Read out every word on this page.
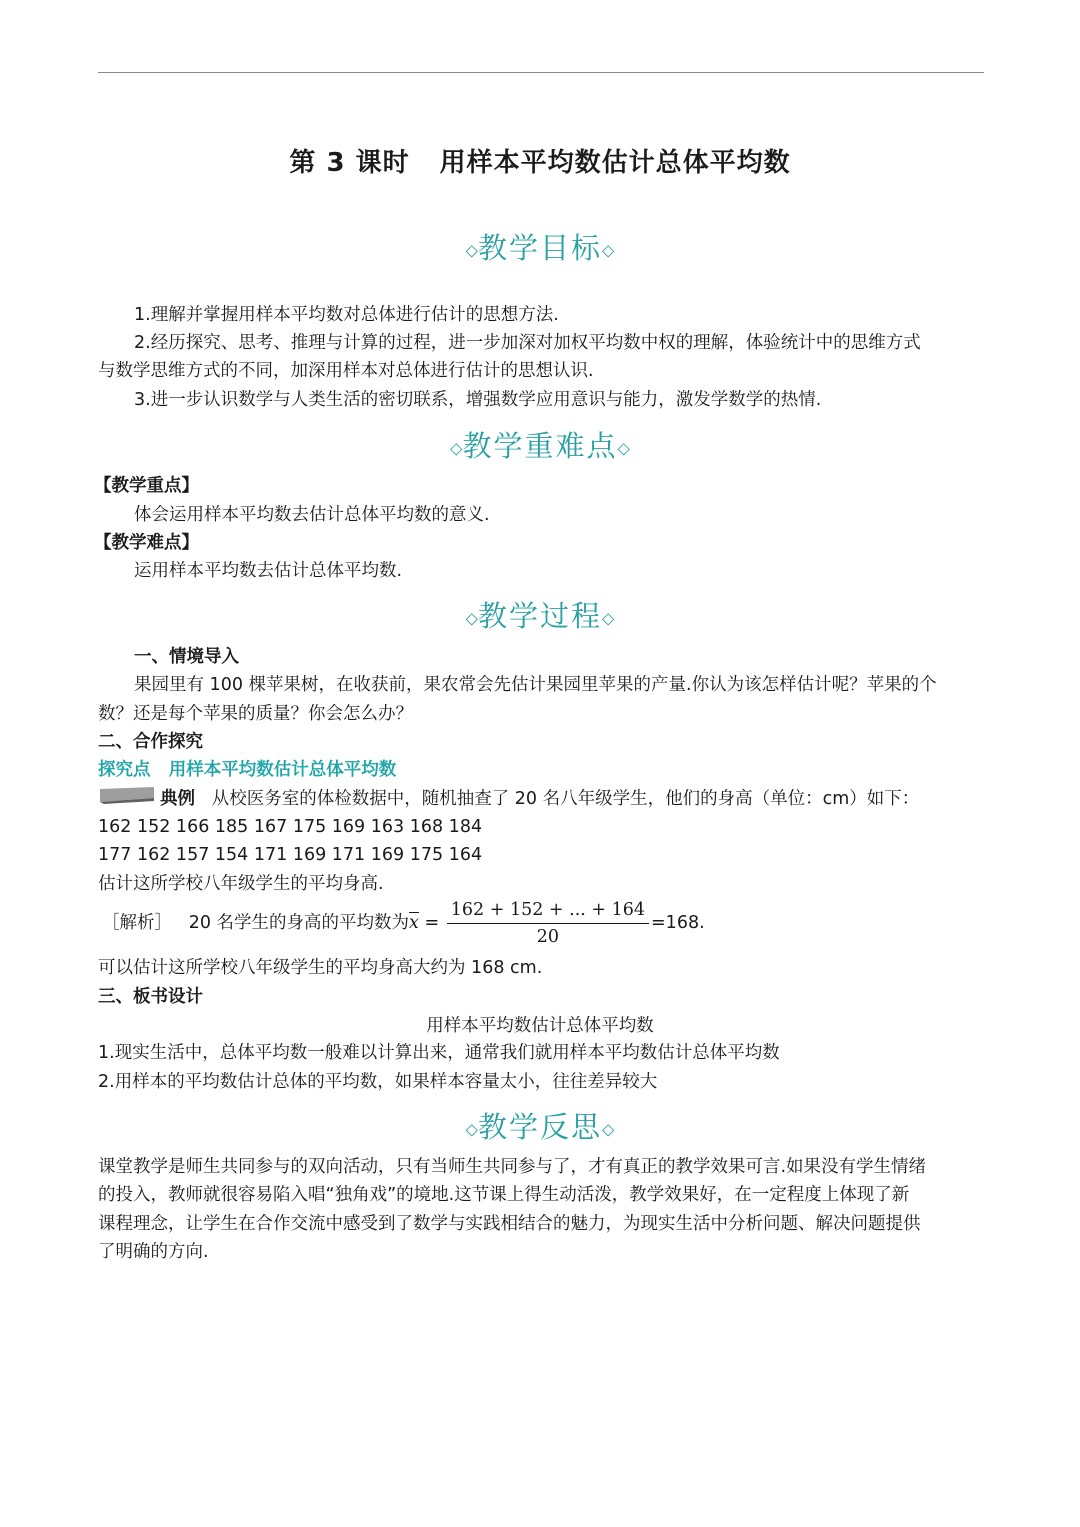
第 3 课时 用样本平均数估计总体平均数
◇教学目标◇
1.理解并掌握用样本平均数对总体进行估计的思想方法.
2.经历探究、思考、推理与计算的过程，进一步加深对加权平均数中权的理解，体验统计中的思维方式
与数学思维方式的不同，加深用样本对总体进行估计的思想认识.
3.进一步认识数学与人类生活的密切联系，增强数学应用意识与能力，激发学数学的热情.
◇教学重难点◇
【教学重点】
体会运用样本平均数去估计总体平均数的意义.
【教学难点】
运用样本平均数去估计总体平均数.
◇教学过程◇
一、情境导入
果园里有 100 棵苹果树，在收获前，果农常会先估计果园里苹果的产量.你认为该怎样估计呢？苹果的个
数？还是每个苹果的质量？你会怎么办？
二、合作探究
探究点 用样本平均数估计总体平均数
典例 从校医务室的体检数据中，随机抽查了 20 名八年级学生，他们的身高（单位：cm）如下：
162 152 166 185 167 175 169 163 168 184
177 162 157 154 171 169 171 169 175 164
估计这所学校八年级学生的平均身高.
［解析］ 20 名学生的身高的平均数为$\overline{x} = \frac{162 + 152 + ... + 164}{20} =168$.
可以估计这所学校八年级学生的平均身高大约为 168 cm.
三、板书设计
用样本平均数估计总体平均数
1.现实生活中，总体平均数一般难以计算出来，通常我们就用样本平均数估计总体平均数
2.用样本的平均数估计总体的平均数，如果样本容量太小，往往差异较大
◇教学反思◇
课堂教学是师生共同参与的双向活动，只有当师生共同参与了，才有真正的教学效果可言.如果没有学生情绪
的投入，教师就很容易陷入唱“独角戏”的境地.这节课上得生动活泼，教学效果好，在一定程度上体现了新
课程理念，让学生在合作交流中感受到了数学与实践相结合的魅力，为现实生活中分析问题、解决问题提供
了明确的方向.
